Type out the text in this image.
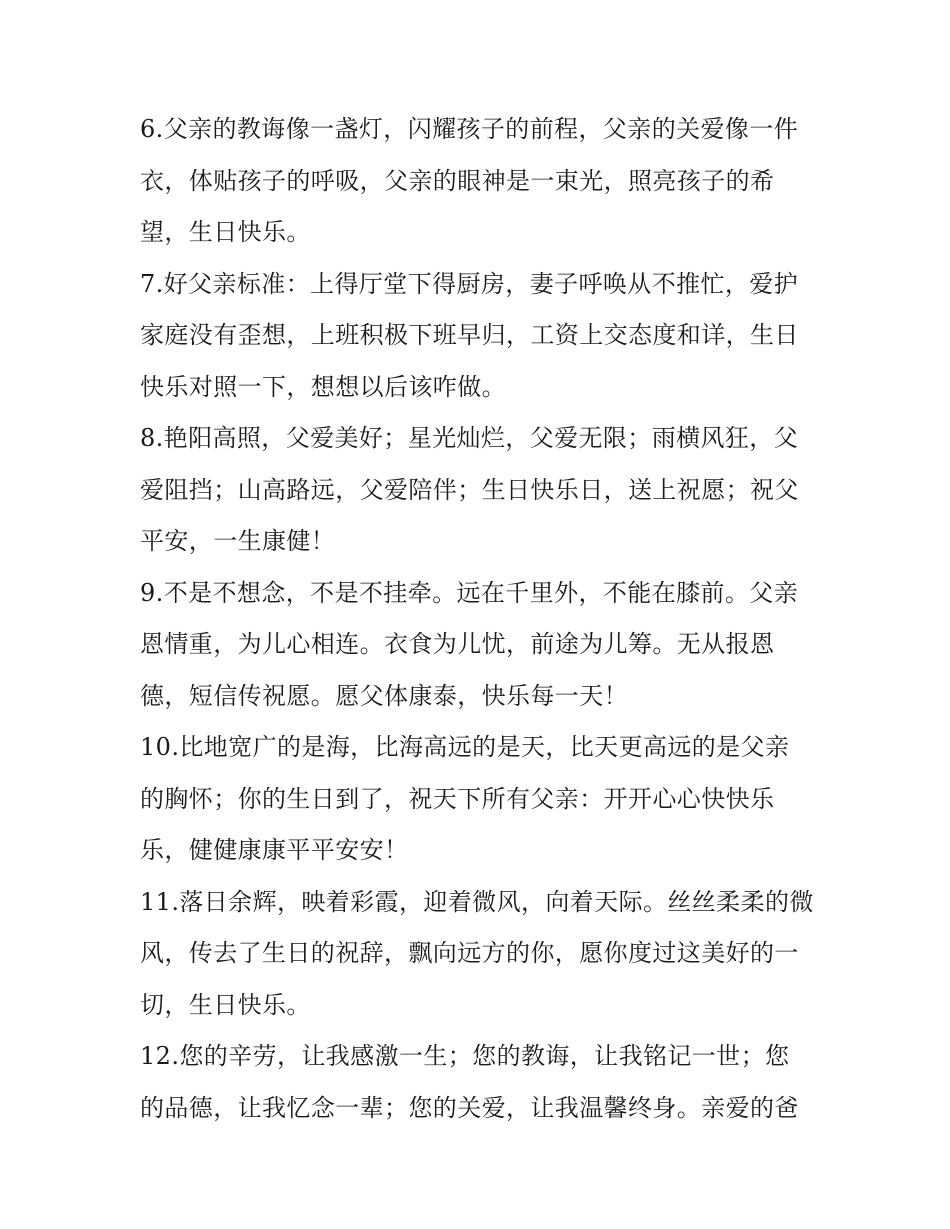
6.父亲的教诲像一盏灯，闪耀孩子的前程，父亲的关爱像一件
衣，体贴孩子的呼吸，父亲的眼神是一束光，照亮孩子的希
望，生日快乐。
7.好父亲标准：上得厅堂下得厨房，妻子呼唤从不推忙，爱护
家庭没有歪想，上班积极下班早归，工资上交态度和详，生日
快乐对照一下，想想以后该咋做。
8.艳阳高照，父爱美好；星光灿烂，父爱无限；雨横风狂，父
爱阻挡；山高路远，父爱陪伴；生日快乐日，送上祝愿；祝父
平安，一生康健！
9.不是不想念，不是不挂牵。远在千里外，不能在膝前。父亲
恩情重，为儿心相连。衣食为儿忧，前途为儿筹。无从报恩
德，短信传祝愿。愿父体康泰，快乐每一天！
10.比地宽广的是海，比海高远的是天，比天更高远的是父亲
的胸怀；你的生日到了，祝天下所有父亲：开开心心快快乐
乐，健健康康平平安安！
11.落日余辉，映着彩霞，迎着微风，向着天际。丝丝柔柔的微
风，传去了生日的祝辞，飘向远方的你，愿你度过这美好的一
切，生日快乐。
12.您的辛劳，让我感激一生；您的教诲，让我铭记一世；您
的品德，让我忆念一辈；您的关爱，让我温馨终身。亲爱的爸
